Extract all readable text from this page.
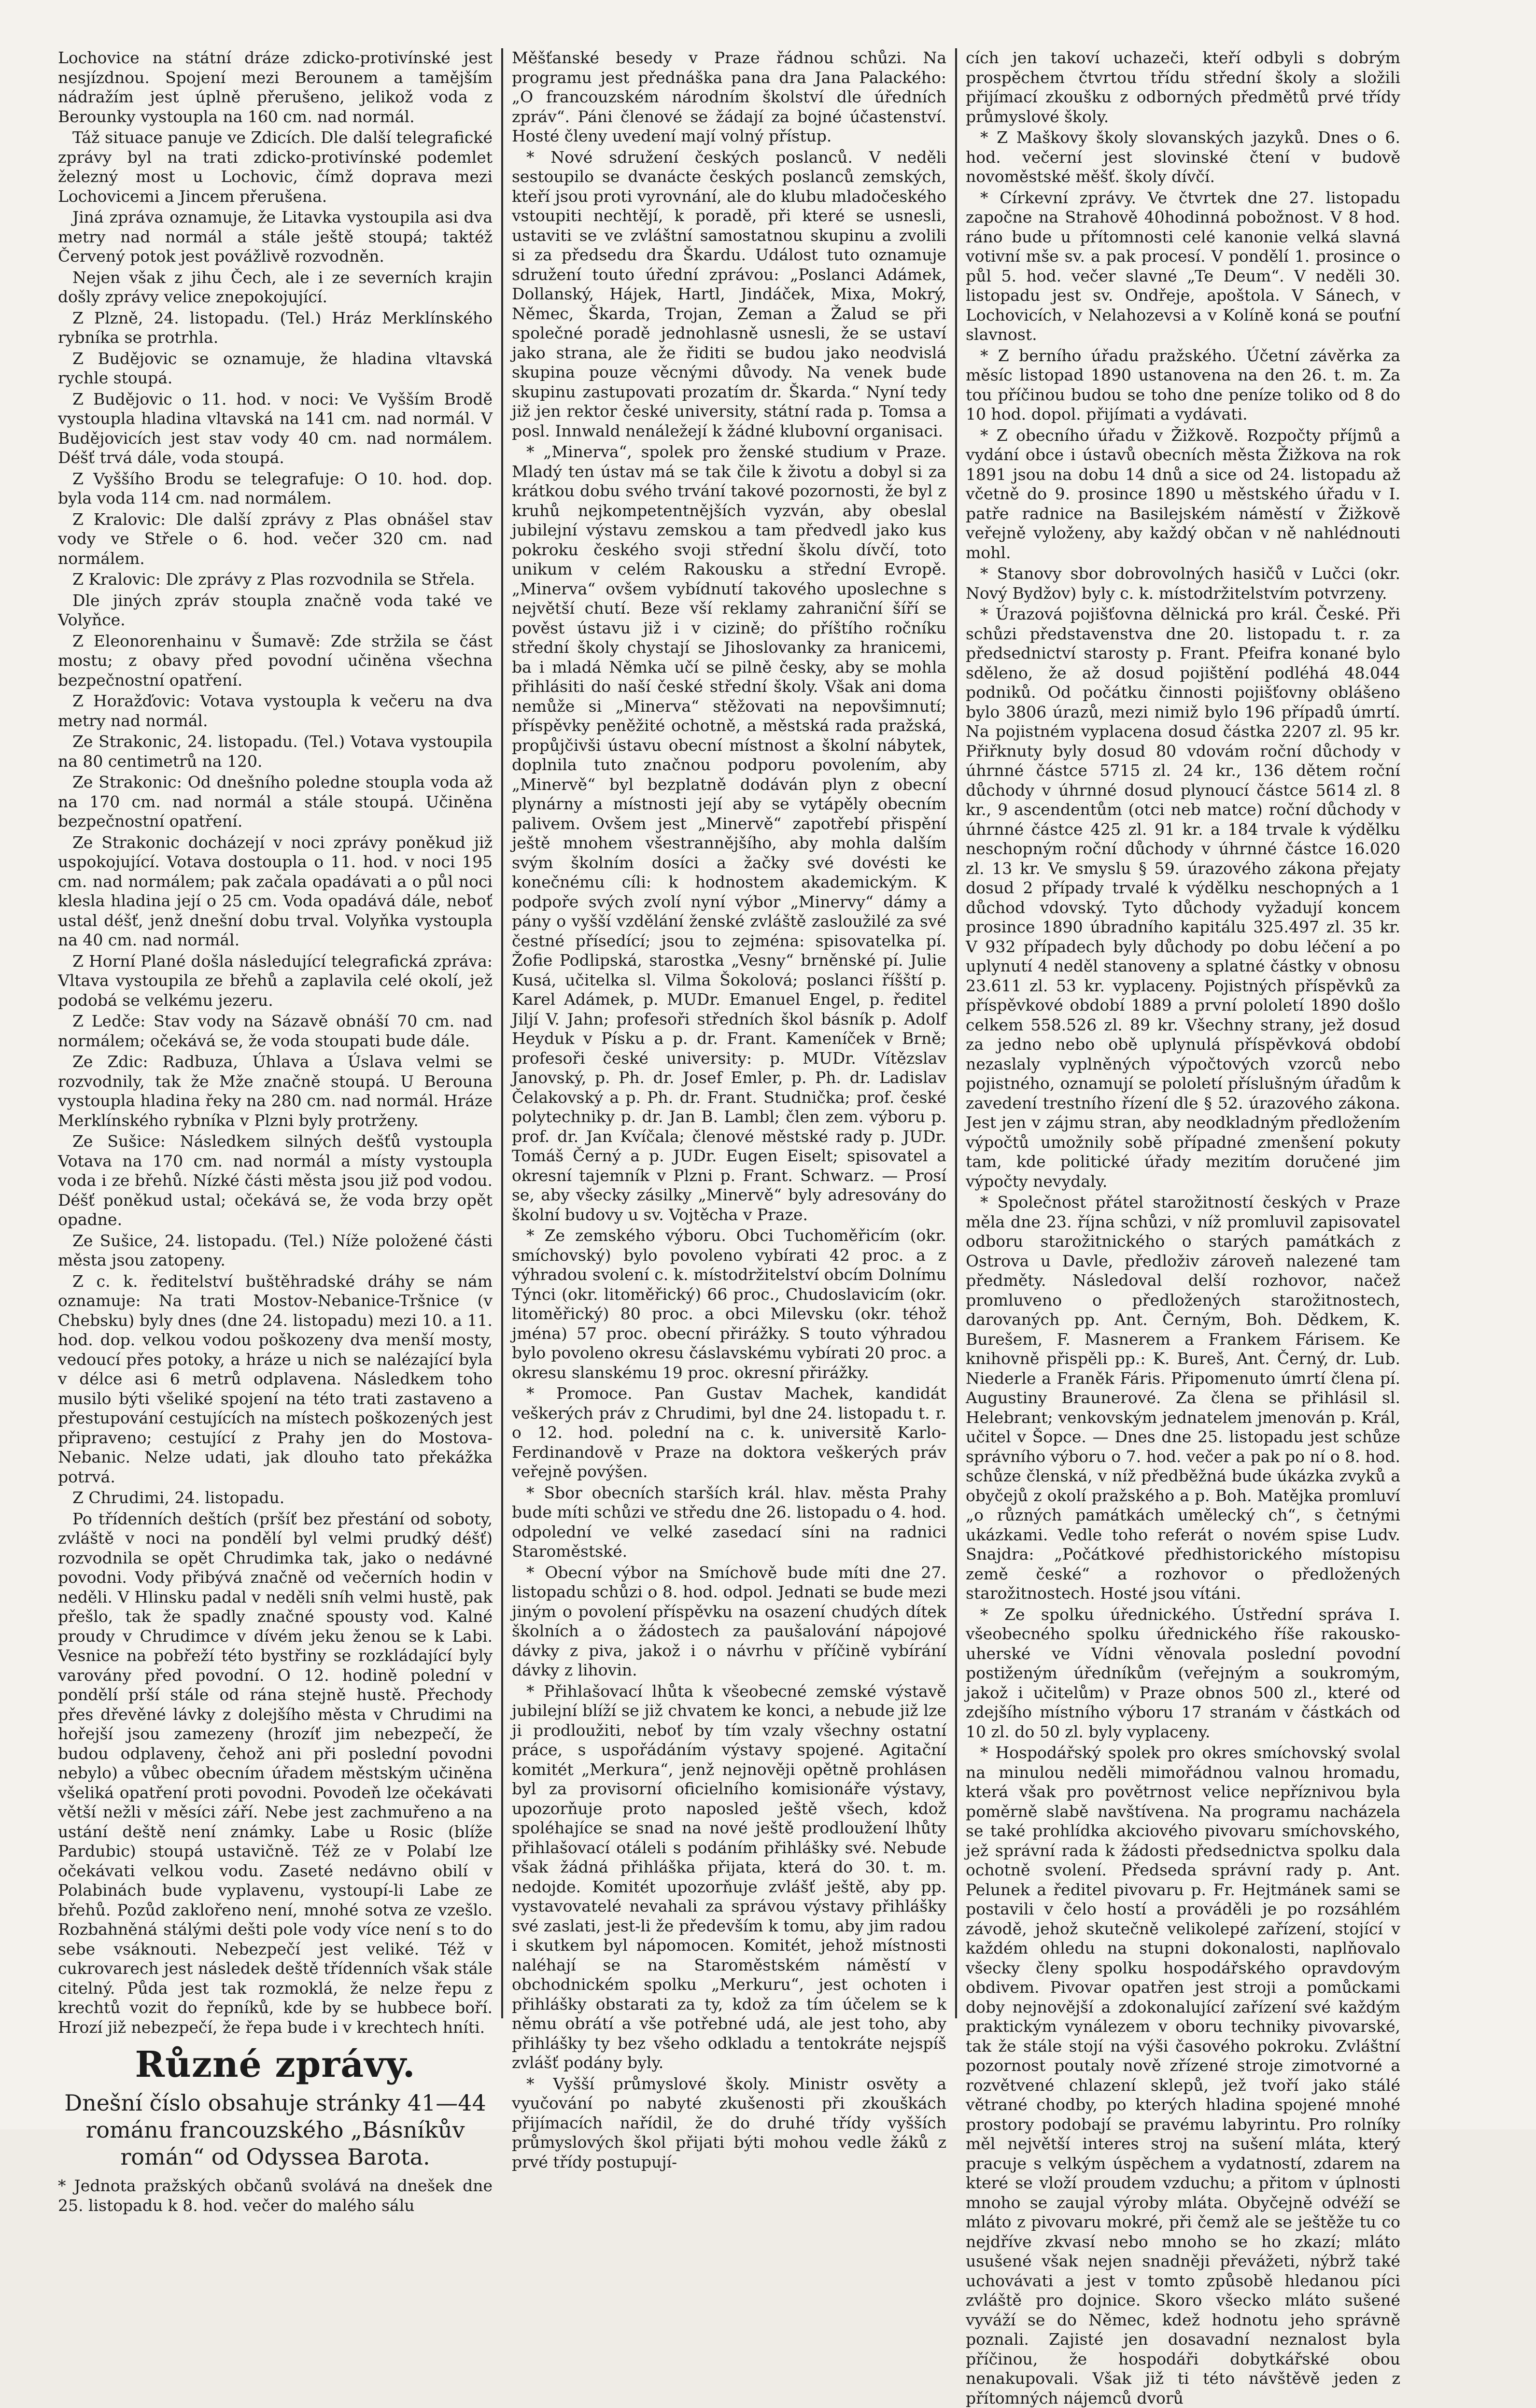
Lochovice na státní dráze zdicko-protivínské jest nesjízdnou. Spojení mezi Berounem a tamějším nádražím jest úplně přerušeno, jelikož voda z Berounky vystoupla na 160 cm. nad normál.

Táž situace panuje ve Zdicích. Dle další telegrafické zprávy byl na trati zdicko-protivínské podemlet železný most u Lochovic, čímž doprava mezi Lochovicemi a Jincem přerušena.

Jiná zpráva oznamuje, že Litavka vystoupila asi dva metry nad normál a stále ještě stoupá; taktéž Červený potok jest povážlivě rozvodněn.

Nejen však z jihu Čech, ale i ze severních krajin došly zprávy velice znepokojující.

Z Plzně, 24. listopadu. (Tel.) Hráz Merklínského rybníka se protrhla.

Z Budějovic se oznamuje, že hladina vltavská rychle stoupá.

Z Budějovic o 11. hod. v noci: Ve Vyšším Brodě vystoupla hladina vltavská na 141 cm. nad normál. V Budějovicích jest stav vody 40 cm. nad normálem. Déšť trvá dále, voda stoupá.

Z Vyššího Brodu se telegrafuje: O 10. hod. dop. byla voda 114 cm. nad normálem.

Z Kralovic: Dle další zprávy z Plas obnášel stav vody ve Střele o 6. hod. večer 320 cm. nad normálem.

Z Kralovic: Dle zprávy z Plas rozvodnila se Střela.

Dle jiných zpráv stoupla značně voda také ve Volyňce.

Z Eleonorenhainu v Šumavě: Zde stržila se část mostu; z obavy před povodní učiněna všechna bezpečnostní opatření.

Z Horažďovic: Votava vystoupla k večeru na dva metry nad normál.

Ze Strakonic, 24. listopadu. (Tel.) Votava vystoupila na 80 centimetrů na 120.

Ze Strakonic: Od dnešního poledne stoupla voda až na 170 cm. nad normál a stále stoupá. Učiněna bezpečnostní opatření.

Ze Strakonic docházejí v noci zprávy poněkud již uspokojující. Votava dostoupla o 11. hod. v noci 195 cm. nad normálem; pak začala opadávati a o půl noci klesla hladina její o 25 cm. Voda opadává dále, neboť ustal déšť, jenž dnešní dobu trval. Volyňka vystoupla na 40 cm. nad normál.

Z Horní Plané došla následující telegrafická zpráva: Vltava vystoupila ze břehů a zaplavila celé okolí, jež podobá se velkému jezeru.

Z Ledče: Stav vody na Sázavě obnáší 70 cm. nad normálem; očekává se, že voda stoupati bude dále.

Ze Zdic: Radbuza, Úhlava a Úslava velmi se rozvodnily, tak že Mže značně stoupá. U Berouna vystoupla hladina řeky na 280 cm. nad normál. Hráze Merklínského rybníka v Plzni byly protrženy.

Ze Sušice: Následkem silných dešťů vystoupla Votava na 170 cm. nad normál a místy vystoupla voda i ze břehů. Nízké části města jsou již pod vodou. Déšť poněkud ustal; očekává se, že voda brzy opět opadne.

Ze Sušice, 24. listopadu. (Tel.) Níže položené části města jsou zatopeny.

Z c. k. ředitelství buštěhradské dráhy se nám oznamuje: Na trati Mostov-Nebanice-Tršnice (v Chebsku) byly dnes (dne 24. listopadu) mezi 10. a 11. hod. dop. velkou vodou poškozeny dva menší mosty, vedoucí přes potoky, a hráze u nich se nalézající byla v délce asi 6 metrů odplavena. Následkem toho musilo býti všeliké spojení na této trati zastaveno a přestupování cestujících na místech poškozených jest připraveno; cestující z Prahy jen do Mostova-Nebanic. Nelze udati, jak dlouho tato překážka potrvá.

Z Chrudimi, 24. listopadu.

Po třídenních deštích (pršíť bez přestání od soboty, zvláště v noci na pondělí byl velmi prudký déšť) rozvodnila se opět Chrudimka tak, jako o nedávné povodni. Vody přibývá značně od večerních hodin v neděli. V Hlinsku padal v neděli sníh velmi hustě, pak přešlo, tak že spadly značné spousty vod. Kalné proudy v Chrudimce v dívém jeku ženou se k Labi. Vesnice na pobřeží této bystřiny se rozkládající byly varovány před povodní. O 12. hodině polední v pondělí prší stále od rána stejně hustě. Přechody přes dřevěné lávky z dolejšího města v Chrudimi na hořejší jsou zamezeny (hrozíť jim nebezpečí, že budou odplaveny, čehož ani při poslední povodni nebylo) a vůbec obecním úřadem městským učiněna všeliká opatření proti povodni. Povodeň lze očekávati větší nežli v měsíci září. Nebe jest zachmuřeno a na ustání deště není známky. Labe u Rosic (blíže Pardubic) stoupá ustavičně. Též ze v Polabí lze očekávati velkou vodu. Zaseté nedávno obilí v Polabinách bude vyplavenu, vystoupí-li Labe ze břehů. Pozůd zaklořeno není, mnohé sotva ze vzešlo. Rozbahněná stálými dešti pole vody více není s to do sebe vsáknouti. Nebezpečí jest veliké. Též v cukrovarech jest následek deště třídenních však stále citelný. Půda jest tak rozmoklá, že nelze řepu z krechtů vozit do řepníků, kde by se hubbece boří. Hrozí již nebezpečí, že řepa bude i v krechtech hníti.

Různé zprávy.

Dnešní číslo obsahuje stránky 41—44 románu francouzského „Básníkův román“ od Odyssea Barota.

* Jednota pražských občanů svolává na dnešek dne 25. listopadu k 8. hod. večer do malého sálu

Měšťanské besedy v Praze řádnou schůzi. Na programu jest přednáška pana dra Jana Palackého: „O francouzském národním školství dle úředních zpráv“. Páni členové se žádají za bojné účastenství. Hosté členy uvedení mají volný přístup.

* Nové sdružení českých poslanců. V neděli sestoupilo se dvanácte českých poslanců zemských, kteří jsou proti vyrovnání, ale do klubu mladočeského vstoupiti nechtějí, k poradě, při které se usnesli, ustaviti se ve zvláštní samostatnou skupinu a zvolili si za předsedu dra Škardu. Událost tuto oznamuje sdružení touto úřední zprávou: „Poslanci Adámek, Dollanský, Hájek, Hartl, Jindáček, Mixa, Mokrý, Němec, Škarda, Trojan, Zeman a Žalud se při společné poradě jednohlasně usnesli, že se ustaví jako strana, ale že řiditi se budou jako neodvislá skupina pouze věcnými důvody. Na venek bude skupinu zastupovati prozatím dr. Škarda.“ Nyní tedy již jen rektor české university, státní rada p. Tomsa a posl. Innwald nenáležejí k žádné klubovní organisaci.

* „Minerva“, spolek pro ženské studium v Praze. Mladý ten ústav má se tak čile k životu a dobyl si za krátkou dobu svého trvání takové pozornosti, že byl z kruhů nejkompetentnějších vyzván, aby obeslal jubilejní výstavu zemskou a tam předvedl jako kus pokroku českého svoji střední školu dívčí, toto unikum v celém Rakousku a střední Evropě. „Minerva“ ovšem vybídnutí takového uposlechne s největší chutí. Beze vší reklamy zahraniční šíří se pověst ústavu již i v cizině; do příštího ročníku střední školy chystají se Jihoslovanky za hranicemi, ba i mladá Němka učí se pilně česky, aby se mohla přihlásiti do naší české střední školy. Však ani doma nemůže si „Minerva“ stěžovati na nepovšimnutí; příspěvky peněžité ochotně, a městská rada pražská, propůjčivši ústavu obecní místnost a školní nábytek, doplnila tuto značnou podporu povolením, aby „Minervě“ byl bezplatně dodáván plyn z obecní plynárny a místnosti její aby se vytápěly obecním palivem. Ovšem jest „Minervě“ zapotřebí přispění ještě mnohem všestrannějšího, aby mohla dalším svým školním dosíci a žačky své dovésti ke konečnému cíli: k hodnostem akademickým. K podpoře svých zvolí nyní výbor „Minervy“ dámy a pány o vyšší vzdělání ženské zvláště zasloužilé za své čestné přísedící; jsou to zejména: spisovatelka pí. Žofie Podlipská, starostka „Vesny“ brněnské pí. Julie Kusá, učitelka sl. Vilma Šokolová; poslanci říšští p. Karel Adámek, p. MUDr. Emanuel Engel, p. ředitel Jiljí V. Jahn; profesoři středních škol básník p. Adolf Heyduk v Písku a p. dr. Frant. Kameníček v Brně; profesoři české university: p. MUDr. Vítězslav Janovský, p. Ph. dr. Josef Emler, p. Ph. dr. Ladislav Čelakovský a p. Ph. dr. Frant. Studnička; prof. české polytechniky p. dr. Jan B. Lambl; člen zem. výboru p. prof. dr. Jan Kvíčala; členové městské rady p. JUDr. Tomáš Černý a p. JUDr. Eugen Eiselt; spisovatel a okresní tajemník v Plzni p. Frant. Schwarz. — Prosí se, aby všecky zásilky „Minervě“ byly adresovány do školní budovy u sv. Vojtěcha v Praze.

* Ze zemského výboru. Obci Tuchoměřicím (okr. smíchovský) bylo povoleno vybírati 42 proc. a z výhradou svolení c. k. místodržitelství obcím Dolnímu Týnci (okr. litoměřický) 66 proc., Chudoslavicím (okr. litoměřický) 80 proc. a obci Milevsku (okr. téhož jména) 57 proc. obecní přirážky. S touto výhradou bylo povoleno okresu čáslavskému vybírati 20 proc. a okresu slanskému 19 proc. okresní přirážky.

* Promoce. Pan Gustav Machek, kandidát veškerých práv z Chrudimi, byl dne 24. listopadu t. r. o 12. hod. polední na c. k. universitě Karlo-Ferdinandově v Praze na doktora veškerých práv veřejně povýšen.

* Sbor obecních starších král. hlav. města Prahy bude míti schůzi ve středu dne 26. listopadu o 4. hod. odpolední ve velké zasedací síni na radnici Staroměstské.

* Obecní výbor na Smíchově bude míti dne 27. listopadu schůzi o 8. hod. odpol. Jednati se bude mezi jiným o povolení příspěvku na osazení chudých dítek školních a o žádostech za paušalování nápojové dávky z piva, jakož i o návrhu v příčině vybírání dávky z lihovin.

* Přihlašovací lhůta k všeobecné zemské výstavě jubilejní blíží se již chvatem ke konci, a nebude již lze ji prodloužiti, neboť by tím vzaly všechny ostatní práce, s uspořádáním výstavy spojené. Agitační komitét „Merkura“, jenž nejnověji opětně prohlásen byl za provisorní oficielního komisionáře výstavy, upozorňuje proto naposled ještě všech, kdož spoléhajíce se snad na nové ještě prodloužení lhůty přihlašovací otáleli s podáním přihlášky své. Nebude však žádná přihláška přijata, která do 30. t. m. nedojde. Komitét upozorňuje zvlášť ještě, aby pp. vystavovatelé nevahali za správou výstavy přihlášky své zaslati, jest-li že především k tomu, aby jim radou i skutkem byl nápomocen. Komitét, jehož místnosti naléhají se na Staroměstském náměstí v obchodnickém spolku „Merkuru“, jest ochoten i přihlášky obstarati za ty, kdož za tím účelem se k němu obrátí a vše potřebné udá, ale jest toho, aby přihlášky ty bez všeho odkladu a tentokráte nejspíš zvlášť podány byly.

* Vyšší průmyslové školy. Ministr osvěty a vyučování po nabyté zkušenosti při zkouškách přijímacích nařídil, že do druhé třídy vyšších průmyslových škol přijati býti mohou vedle žáků z prvé třídy postupují-

cích jen takoví uchazeči, kteří odbyli s dobrým prospěchem čtvrtou třídu střední školy a složili přijímací zkoušku z odborných předmětů prvé třídy průmyslové školy.

* Z Maškovy školy slovanských jazyků. Dnes o 6. hod. večerní jest slovinské čtení v budově novoměstské měšť. školy dívčí.

* Církevní zprávy. Ve čtvrtek dne 27. listopadu započne na Strahově 40hodinná pobožnost. V 8 hod. ráno bude u přítomnosti celé kanonie velká slavná votivní mše sv. a pak procesí. V pondělí 1. prosince o půl 5. hod. večer slavné „Te Deum“. V neděli 30. listopadu jest sv. Ondřeje, apoštola. V Sánech, v Lochovicích, v Nelahozevsi a v Kolíně koná se pouťní slavnost.

* Z berního úřadu pražského. Účetní závěrka za měsíc listopad 1890 ustanovena na den 26. t. m. Za tou příčinou budou se toho dne peníze toliko od 8 do 10 hod. dopol. přijímati a vydávati.

* Z obecního úřadu v Žižkově. Rozpočty příjmů a vydání obce i ústavů obecních města Žižkova na rok 1891 jsou na dobu 14 dnů a sice od 24. listopadu až včetně do 9. prosince 1890 u městského úřadu v I. patře radnice na Basilejském náměstí v Žižkově veřejně vyloženy, aby každý občan v ně nahlédnouti mohl.

* Stanovy sbor dobrovolných hasičů v Lučci (okr. Nový Bydžov) byly c. k. místodržitelstvím potvrzeny.

* Úrazová pojišťovna dělnická pro král. České. Při schůzi představenstva dne 20. listopadu t. r. za předsednictví starosty p. Frant. Pfeifra konané bylo sděleno, že až dosud pojištění podléhá 48.044 podniků. Od počátku činnosti pojišťovny oblášeno bylo 3806 úrazů, mezi nimiž bylo 196 případů úmrtí. Na pojistném vyplacena dosud částka 2207 zl. 95 kr. Přiřknuty byly dosud 80 vdovám roční důchody v úhrnné částce 5715 zl. 24 kr., 136 dětem roční důchody v úhrnné dosud plynoucí částce 5614 zl. 8 kr., 9 ascendentům (otci neb matce) roční důchody v úhrnné částce 425 zl. 91 kr. a 184 trvale k výdělku neschopným roční důchody v úhrnné částce 16.020 zl. 13 kr. Ve smyslu § 59. úrazového zákona přejaty dosud 2 případy trvalé k výdělku neschopných a 1 důchod vdovský. Tyto důchody vyžadují koncem prosince 1890 úbradního kapitálu 325.497 zl. 35 kr. V 932 případech byly důchody po dobu léčení a po uplynutí 4 neděl stanoveny a splatné částky v obnosu 23.611 zl. 53 kr. vyplaceny. Pojistných příspěvků za příspěvkové období 1889 a první pololetí 1890 došlo celkem 558.526 zl. 89 kr. Všechny strany, jež dosud za jedno nebo obě uplynulá příspěvková období nezaslaly vyplněných výpočtových vzorců nebo pojistného, oznamují se pololetí příslušným úřadům k zavedení trestního řízení dle § 52. úrazového zákona. Jest jen v zájmu stran, aby neodkladným předložením výpočtů umožnily sobě případné zmenšení pokuty tam, kde politické úřady mezitím doručené jim výpočty nevydaly.

* Společnost přátel starožitností českých v Praze měla dne 23. října schůzi, v níž promluvil zapisovatel odboru starožitnického o starých památkách z Ostrova u Davle, předloživ zároveň nalezené tam předměty. Následoval delší rozhovor, načež promluveno o předložených starožitnostech, darovaných pp. Ant. Černým, Boh. Dědkem, K. Burešem, F. Masnerem a Frankem Fárisem. Ke knihovně přispěli pp.: K. Bureš, Ant. Černý, dr. Lub. Niederle a Franěk Fáris. Připomenuto úmrtí člena pí. Augustiny Braunerové. Za člena se přihlásil sl. Helebrant; venkovským jednatelem jmenován p. Král, učitel v Šopce. — Dnes dne 25. listopadu jest schůze správního výboru o 7. hod. večer a pak po ní o 8. hod. schůze členská, v níž předběžná bude úkázka zvyků a obyčejů z okolí pražského a p. Boh. Matějka promluví „o různých památkách umělecký ch“, s četnými ukázkami. Vedle toho referát o novém spise Ludv. Snajdra: „Počátkové předhistorického místopisu země české“ a rozhovor o předložených starožitnostech. Hosté jsou vítáni.

* Ze spolku úřednického. Ústřední správa I. všeobecného spolku úřednického říše rakousko-uherské ve Vídni věnovala poslední povodní postiženým úředníkům (veřejným a soukromým, jakož i učitelům) v Praze obnos 500 zl., které od zdejšího místního výboru 17 stranám v částkách od 10 zl. do 50 zl. byly vyplaceny.

* Hospodářský spolek pro okres smíchovský svolal na minulou neděli mimořádnou valnou hromadu, která však pro povětrnost velice nepříznivou byla poměrně slabě navštívena. Na programu nacházela se také prohlídka akciového pivovaru smíchovského, jež správní rada k žádosti předsednictva spolku dala ochotně svolení. Předseda správní rady p. Ant. Pelunek a ředitel pivovaru p. Fr. Hejtmánek sami se postavili v čelo hostí a prováděli je po rozsáhlém závodě, jehož skutečně velikolepé zařízení, stojící v každém ohledu na stupni dokonalosti, naplňovalo všecky členy spolku hospodářského opravdovým obdivem. Pivovar opatřen jest stroji a pomůckami doby nejnovější a zdokonalující zařízení své každým praktickým vynálezem v oboru techniky pivovarské, tak že stále stojí na výši časového pokroku. Zvláštní pozornost poutaly nově zřízené stroje zimotvorné a rozvětvené chlazení sklepů, jež tvoří jako stálé větrané chodby, po kterých hladina spojené mnohé prostory podobají se pravému labyrintu. Pro rolníky měl největší interes stroj na sušení mláta, který pracuje s velkým úspěchem a vydatností, zdarem na které se vloží proudem vzduchu; a přitom v úplnosti mnoho se zaujal výroby mláta. Obyčejně odvéží se mláto z pivovaru mokré, při čemž ale se ještěže tu co nejdříve zkvasí nebo mnoho se ho zkazí; mláto usušené však nejen snadněji převážeti, nýbrž také uchovávati a jest v tomto způsobě hledanou píci zvláště pro dojnice. Skoro všecko mláto sušené vyváží se do Němec, kdež hodnotu jeho správně poznali. Zajisté jen dosavadní neznalost byla příčinou, že hospodáři dobytkářské obou nenakupovali. Však již ti této návštěvě jeden z přítomných nájemců dvorů
